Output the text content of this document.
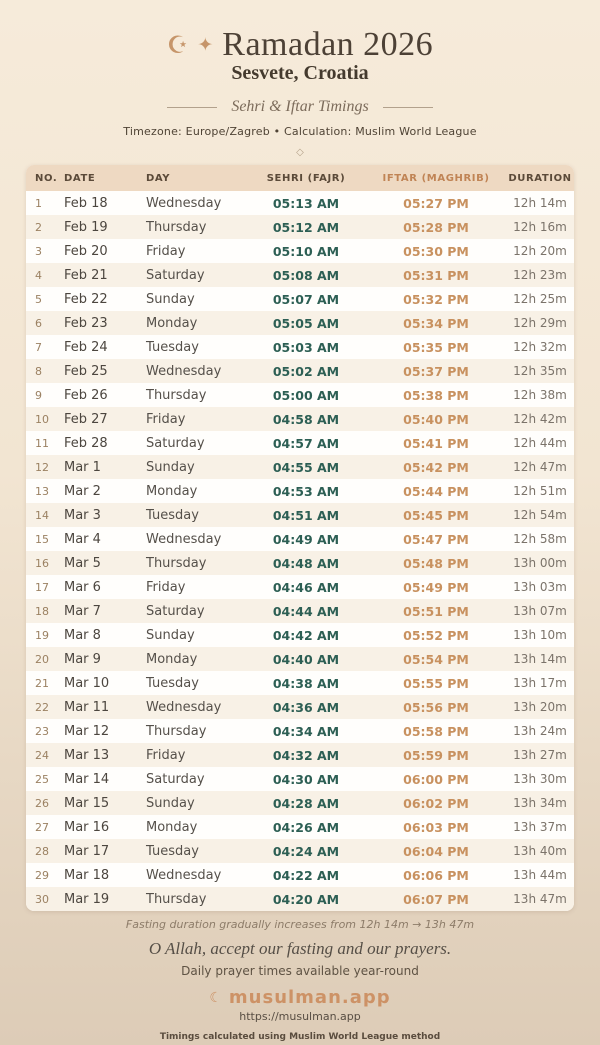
☪ ✦ Ramadan 2026
Sesvete, Croatia
Sehri & Iftar Timings
Timezone: Europe/Zagreb • Calculation: Muslim World League
◇
NO.	DATE	DAY	SEHRI (FAJR)	IFTAR (MAGHRIB)	DURATION
1	Feb 18	Wednesday	05:13 AM	05:27 PM	12h 14m
2	Feb 19	Thursday	05:12 AM	05:28 PM	12h 16m
3	Feb 20	Friday	05:10 AM	05:30 PM	12h 20m
4	Feb 21	Saturday	05:08 AM	05:31 PM	12h 23m
5	Feb 22	Sunday	05:07 AM	05:32 PM	12h 25m
6	Feb 23	Monday	05:05 AM	05:34 PM	12h 29m
7	Feb 24	Tuesday	05:03 AM	05:35 PM	12h 32m
8	Feb 25	Wednesday	05:02 AM	05:37 PM	12h 35m
9	Feb 26	Thursday	05:00 AM	05:38 PM	12h 38m
10	Feb 27	Friday	04:58 AM	05:40 PM	12h 42m
11	Feb 28	Saturday	04:57 AM	05:41 PM	12h 44m
12	Mar 1	Sunday	04:55 AM	05:42 PM	12h 47m
13	Mar 2	Monday	04:53 AM	05:44 PM	12h 51m
14	Mar 3	Tuesday	04:51 AM	05:45 PM	12h 54m
15	Mar 4	Wednesday	04:49 AM	05:47 PM	12h 58m
16	Mar 5	Thursday	04:48 AM	05:48 PM	13h 00m
17	Mar 6	Friday	04:46 AM	05:49 PM	13h 03m
18	Mar 7	Saturday	04:44 AM	05:51 PM	13h 07m
19	Mar 8	Sunday	04:42 AM	05:52 PM	13h 10m
20	Mar 9	Monday	04:40 AM	05:54 PM	13h 14m
21	Mar 10	Tuesday	04:38 AM	05:55 PM	13h 17m
22	Mar 11	Wednesday	04:36 AM	05:56 PM	13h 20m
23	Mar 12	Thursday	04:34 AM	05:58 PM	13h 24m
24	Mar 13	Friday	04:32 AM	05:59 PM	13h 27m
25	Mar 14	Saturday	04:30 AM	06:00 PM	13h 30m
26	Mar 15	Sunday	04:28 AM	06:02 PM	13h 34m
27	Mar 16	Monday	04:26 AM	06:03 PM	13h 37m
28	Mar 17	Tuesday	04:24 AM	06:04 PM	13h 40m
29	Mar 18	Wednesday	04:22 AM	06:06 PM	13h 44m
30	Mar 19	Thursday	04:20 AM	06:07 PM	13h 47m
Fasting duration gradually increases from 12h 14m → 13h 47m
O Allah, accept our fasting and our prayers.
Daily prayer times available year-round
☾ musulman.app
https://musulman.app
Timings calculated using Muslim World League method
